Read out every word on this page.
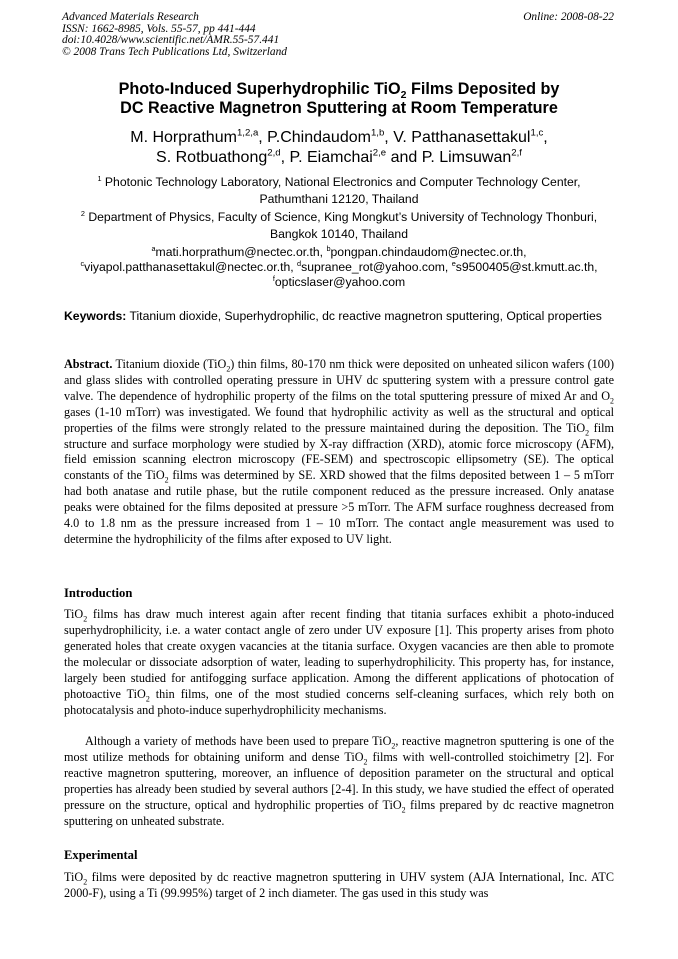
Advanced Materials Research
ISSN: 1662-8985, Vols. 55-57, pp 441-444
doi:10.4028/www.scientific.net/AMR.55-57.441
© 2008 Trans Tech Publications Ltd, Switzerland
Online: 2008-08-22
Photo-Induced Superhydrophilic TiO$_2$ Films Deposited by
DC Reactive Magnetron Sputtering at Room Temperature
M. Horprathum$^{1,2,a}$, P.Chindaudom$^{1,b}$, V. Patthanasettakul$^{1,c}$,
S. Rotbuathong$^{2,d}$, P. Eiamchai$^{2,e}$ and P. Limsuwan$^{2,f}$
$^1$ Photonic Technology Laboratory, National Electronics and Computer Technology Center,
Pathumthani 12120, Thailand
$^2$ Department of Physics, Faculty of Science, King Mongkut’s University of Technology Thonburi,
Bangkok 10140, Thailand
$^a$mati.horprathum@nectec.or.th, $^b$pongpan.chindaudom@nectec.or.th,
$^c$viyapol.patthanasettakul@nectec.or.th, $^d$supranee_rot@yahoo.com, $^e$s9500405@st.kmutt.ac.th,
$^f$opticslaser@yahoo.com
Keywords: Titanium dioxide, Superhydrophilic, dc reactive magnetron sputtering, Optical properties

Abstract. Titanium dioxide (TiO$_2$) thin films, 80-170 nm thick were deposited on unheated silicon wafers (100) and glass slides with controlled operating pressure in UHV dc sputtering system with a pressure control gate valve. The dependence of hydrophilic property of the films on the total sputtering pressure of mixed Ar and $O_2$ gases (1-10 mTorr) was investigated. We found that hydrophilic activity as well as the structural and optical properties of the films were strongly related to the pressure maintained during the deposition. The TiO$_2$ film structure and surface morphology were studied by X-ray diffraction (XRD), atomic force microscopy (AFM), field emission scanning electron microscopy (FE-SEM) and spectroscopic ellipsometry (SE). The optical constants of the TiO$_2$ films was determined by SE. XRD showed that the films deposited between 1 – 5 mTorr had both anatase and rutile phase, but the rutile component reduced as the pressure increased. Only anatase peaks were obtained for the films deposited at pressure >5 mTorr. The AFM surface roughness decreased from 4.0 to 1.8 nm as the pressure increased from 1 – 10 mTorr. The contact angle measurement was used to determine the hydrophilicity of the films after exposed to UV light.

Introduction

TiO$_2$ films has draw much interest again after recent finding that titania surfaces exhibit a photo-induced superhydrophilicity, i.e. a water contact angle of zero under UV exposure [1]. This property arises from photo generated holes that create oxygen vacancies at the titania surface. Oxygen vacancies are then able to promote the molecular or dissociate adsorption of water, leading to superhydrophilicity. This property has, for instance, largely been studied for antifogging surface application. Among the different applications of photocation of photoactive TiO$_2$ thin films, one of the most studied concerns self-cleaning surfaces, which rely both on photocatalysis and photo-induce superhydrophilicity mechanisms.

Although a variety of methods have been used to prepare TiO$_2$, reactive magnetron sputtering is one of the most utilize methods for obtaining uniform and dense TiO$_2$ films with well-controlled stoichimetry [2]. For reactive magnetron sputtering, moreover, an influence of deposition parameter on the structural and optical properties has already been studied by several authors [2-4]. In this study, we have studied the effect of operated pressure on the structure, optical and hydrophilic properties of TiO$_2$ films prepared by dc reactive magnetron sputtering on unheated substrate.

Experimental

TiO$_2$ films were deposited by dc reactive magnetron sputtering in UHV system (AJA International, Inc. ATC 2000-F), using a Ti (99.995%) target of 2 inch diameter. The gas used in this study was
